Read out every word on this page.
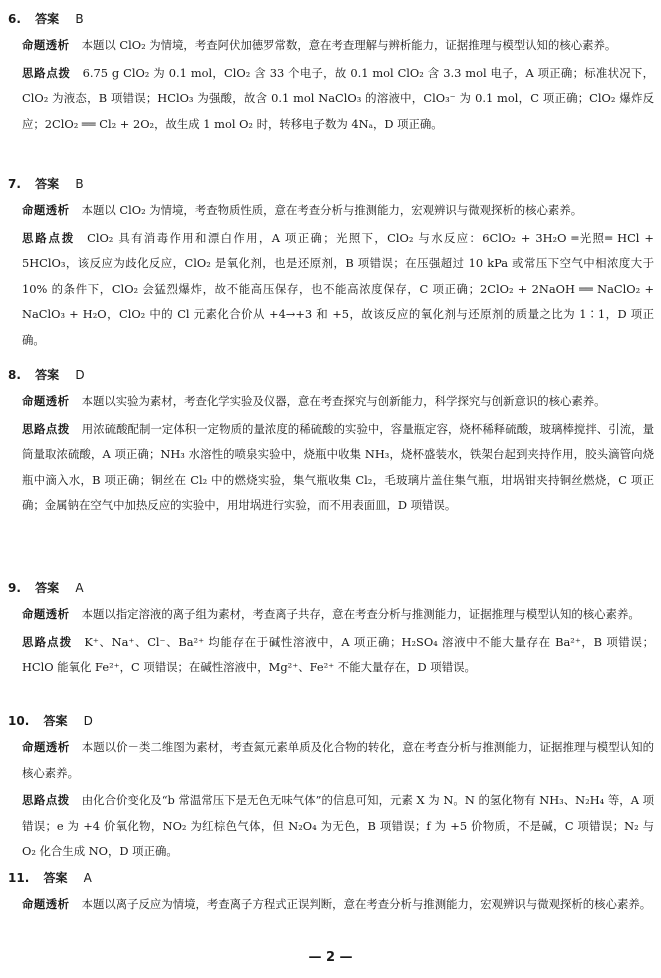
6. 答案 B

命题透析 本题以 ClO₂ 为情境，考查阿伏加德罗常数，意在考查理解与辨析能力，证据推理与模型认知的核心素养。

思路点拨 6.75 g ClO₂ 为 0.1 mol，ClO₂ 含 33 个电子，故 0.1 mol ClO₂ 含 3.3 mol 电子，A 项正确；标准状况下，ClO₂ 为液态，B 项错误；HClO₃ 为强酸，故含 0.1 mol NaClO₃ 的溶液中，ClO₃⁻ 为 0.1 mol，C 项正确；ClO₂ 爆炸反应；2ClO₂ ══ Cl₂ + 2O₂，故生成 1 mol O₂ 时，转移电子数为 4Nₐ，D 项正确。

7. 答案 B

命题透析 本题以 ClO₂ 为情境，考查物质性质，意在考查分析与推测能力，宏观辨识与微观探析的核心素养。

思路点拨 ClO₂ 具有消毒作用和漂白作用，A 项正确；光照下，ClO₂ 与水反应：6ClO₂ + 3H₂O ═光照═ HCl + 5HClO₃，该反应为歧化反应，ClO₂ 是氧化剂，也是还原剂，B 项错误；在压强超过 10 kPa 或常压下空气中相浓度大于 10% 的条件下，ClO₂ 会猛烈爆炸，故不能高压保存，也不能高浓度保存，C 项正确；2ClO₂ + 2NaOH ══ NaClO₂ + NaClO₃ + H₂O，ClO₂ 中的 Cl 元素化合价从 +4→+3 和 +5，故该反应的氧化剂与还原剂的质量之比为 1∶1，D 项正确。

8. 答案 D

命题透析 本题以实验为素材，考查化学实验及仪器，意在考查探究与创新能力，科学探究与创新意识的核心素养。

思路点拨 用浓硫酸配制一定体积一定物质的量浓度的稀硫酸的实验中，容量瓶定容，烧杯稀释硫酸，玻璃棒搅拌、引流，量筒量取浓硫酸，A 项正确；NH₃ 水溶性的喷泉实验中，烧瓶中收集 NH₃，烧杯盛装水，铁架台起到夹持作用，胶头滴管向烧瓶中滴入水，B 项正确；铜丝在 Cl₂ 中的燃烧实验，集气瓶收集 Cl₂，毛玻璃片盖住集气瓶，坩埚钳夹持铜丝燃烧，C 项正确；金属钠在空气中加热反应的实验中，用坩埚进行实验，而不用表面皿，D 项错误。

9. 答案 A

命题透析 本题以指定溶液的离子组为素材，考查离子共存，意在考查分析与推测能力，证据推理与模型认知的核心素养。

思路点拨 K⁺、Na⁺、Cl⁻、Ba²⁺ 均能存在于碱性溶液中，A 项正确；H₂SO₄ 溶液中不能大量存在 Ba²⁺，B 项错误；HClO 能氧化 Fe²⁺，C 项错误；在碱性溶液中，Mg²⁺、Fe²⁺ 不能大量存在，D 项错误。

10. 答案 D

命题透析 本题以价－类二维图为素材，考查氮元素单质及化合物的转化，意在考查分析与推测能力，证据推理与模型认知的核心素养。

思路点拨 由化合价变化及“b 常温常压下是无色无味气体”的信息可知，元素 X 为 N。N 的氢化物有 NH₃、N₂H₄ 等，A 项错误；e 为 +4 价氧化物，NO₂ 为红棕色气体，但 N₂O₄ 为无色，B 项错误；f 为 +5 价物质，不是碱，C 项错误；N₂ 与 O₂ 化合生成 NO，D 项正确。

11. 答案 A

命题透析 本题以离子反应为情境，考查离子方程式正误判断，意在考查分析与推测能力，宏观辨识与微观探析的核心素养。

— 2 —
